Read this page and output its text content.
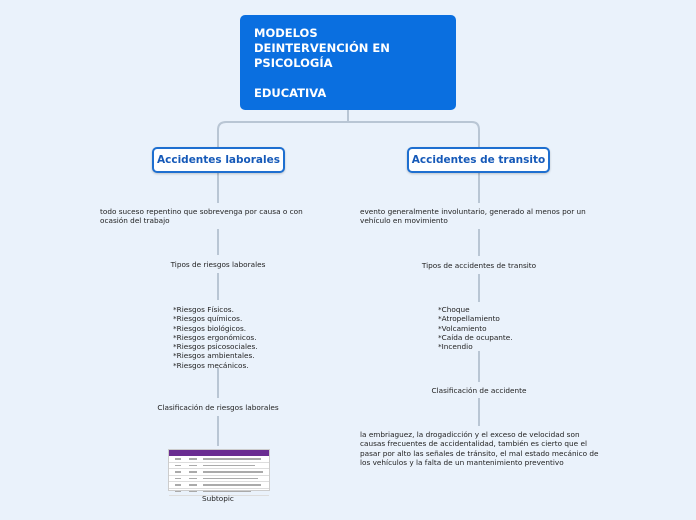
MODELOS
DEINTERVENCIÓN EN
PSICOLOGÍA
EDUCATIVA
Accidentes laborales
todo suceso repentino que sobrevenga por causa o con ocasión del trabajo
Tipos de riesgos laborales
*Riesgos Físicos.
*Riesgos químicos.
*Riesgos biológicos.
*Riesgos ergonómicos.
*Riesgos psicosociales.
*Riesgos ambientales.
*Riesgos mecánicos.
Clasificación de riesgos laborales
Subtopic
Accidentes de transito
evento generalmente involuntario, generado al menos por un vehículo en movimiento
Tipos de accidentes de transito
*Choque
*Atropellamiento
*Volcamiento
*Caída de ocupante.
*Incendio
Clasificación de accidente
la embriaguez, la drogadicción y el exceso de velocidad son causas frecuentes de accidentalidad, también es cierto que el pasar por alto las señales de tránsito, el mal estado mecánico de los vehículos y la falta de un mantenimiento preventivo
